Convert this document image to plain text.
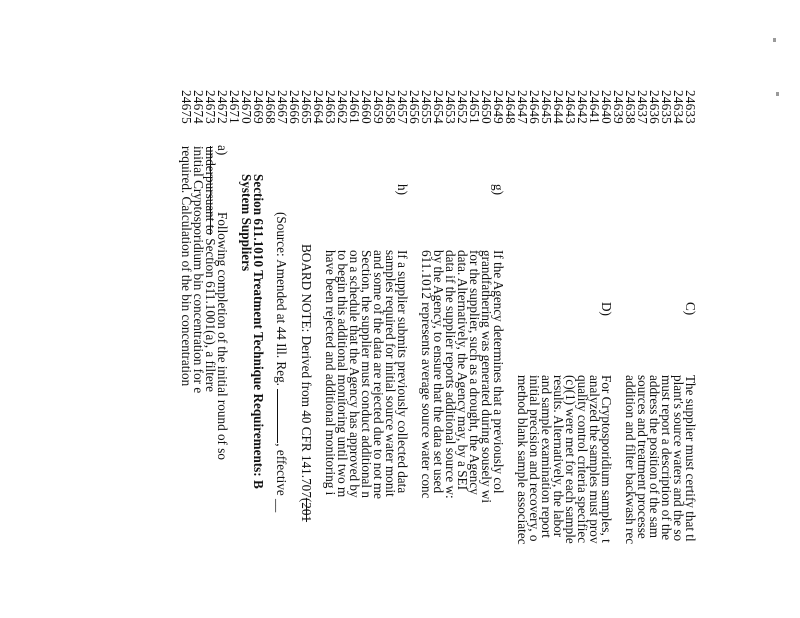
24633
24634
24635
24636
24637
24638
24639
24640
24641
24642
24643
24644
24645
24646
24647
24648
24649
24650
24651
24652
24653
24654
24655
24656
24657
24658
24659
24660
24661
24662
24663
24664
24665
24666
24667
24668
24669
24670
24671
24672
24673
24674
24675
C)
The supplier must certify that tl
plant's source waters and the so
must report a description of the
address the position of the sam
sources and treatment processe
addition and filter backwash rec
D)
For Cryptosporidium samples, t
analyzed the samples must prov
quality control criteria specifiec
(c)(1) were met for each sample
results. Alternatively, the labor
and sample examination report
initial precision and recovery, o
method blank sample associatec
g)
If the Agency determines that a previously col
grandfathering was generated during sousely wi
for the supplier, such as a drought, the Agency
data. Alternatively, the Agency may, by a SEI
data if the supplier reports additional source w:
by the Agency, to ensure that the data set used
611.1012 represents average source water conc
h)
If a supplier submits previously collected data
samples required for initial source water monit
and some of the data are rejected due to not me
Section, the supplier must conduct additional n
on a schedule that the Agency has approved by
to begin this additional monitoring until two m
have been rejected and additional monitoring i
BOARD NOTE: Derived from 40 CFR 141.707(201
(Source: Amended at 44 Ill. Reg. , effective __
Section 611.1010 Treatment Technique Requirements: B
System Suppliers
a)
Following completion of the initial round of so
underpursuant to Section 611.1001(a), a filtere
initial Cryptosporidium bin concentration for e
required. Calculation of the bin concentration
